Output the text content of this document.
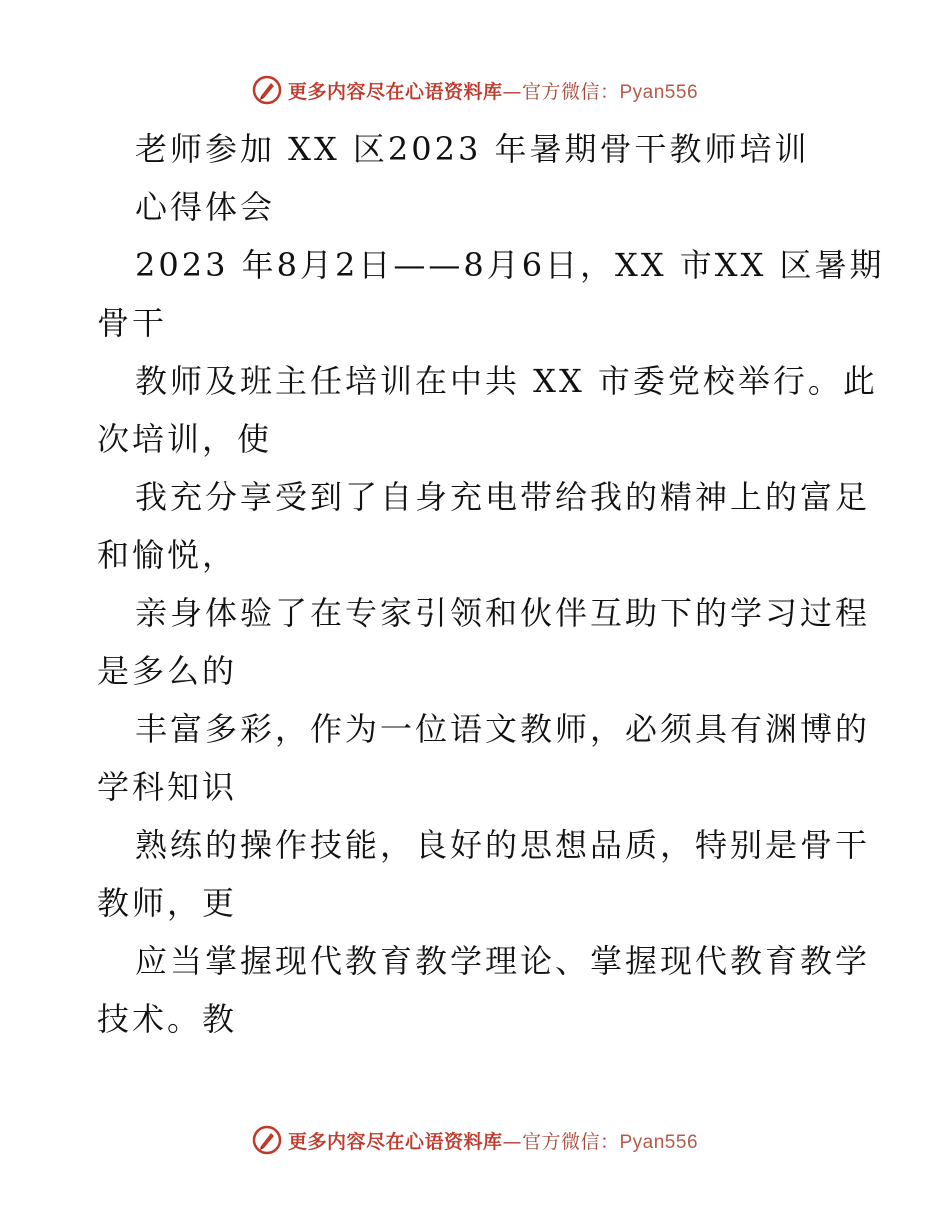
更多内容尽在心语资料库—官方微信：Pyan556
老师参加 XX 区2023 年暑期骨干教师培训
心得体会
2023 年8月2日——8月6日，XX 市XX 区暑期
骨干
教师及班主任培训在中共 XX 市委党校举行。此
次培训，使
我充分享受到了自身充电带给我的精神上的富足
和愉悦，
亲身体验了在专家引领和伙伴互助下的学习过程
是多么的
丰富多彩，作为一位语文教师，必须具有渊博的
学科知识
熟练的操作技能，良好的思想品质，特别是骨干
教师，更
应当掌握现代教育教学理论、掌握现代教育教学
技术。教
更多内容尽在心语资料库—官方微信：Pyan556
